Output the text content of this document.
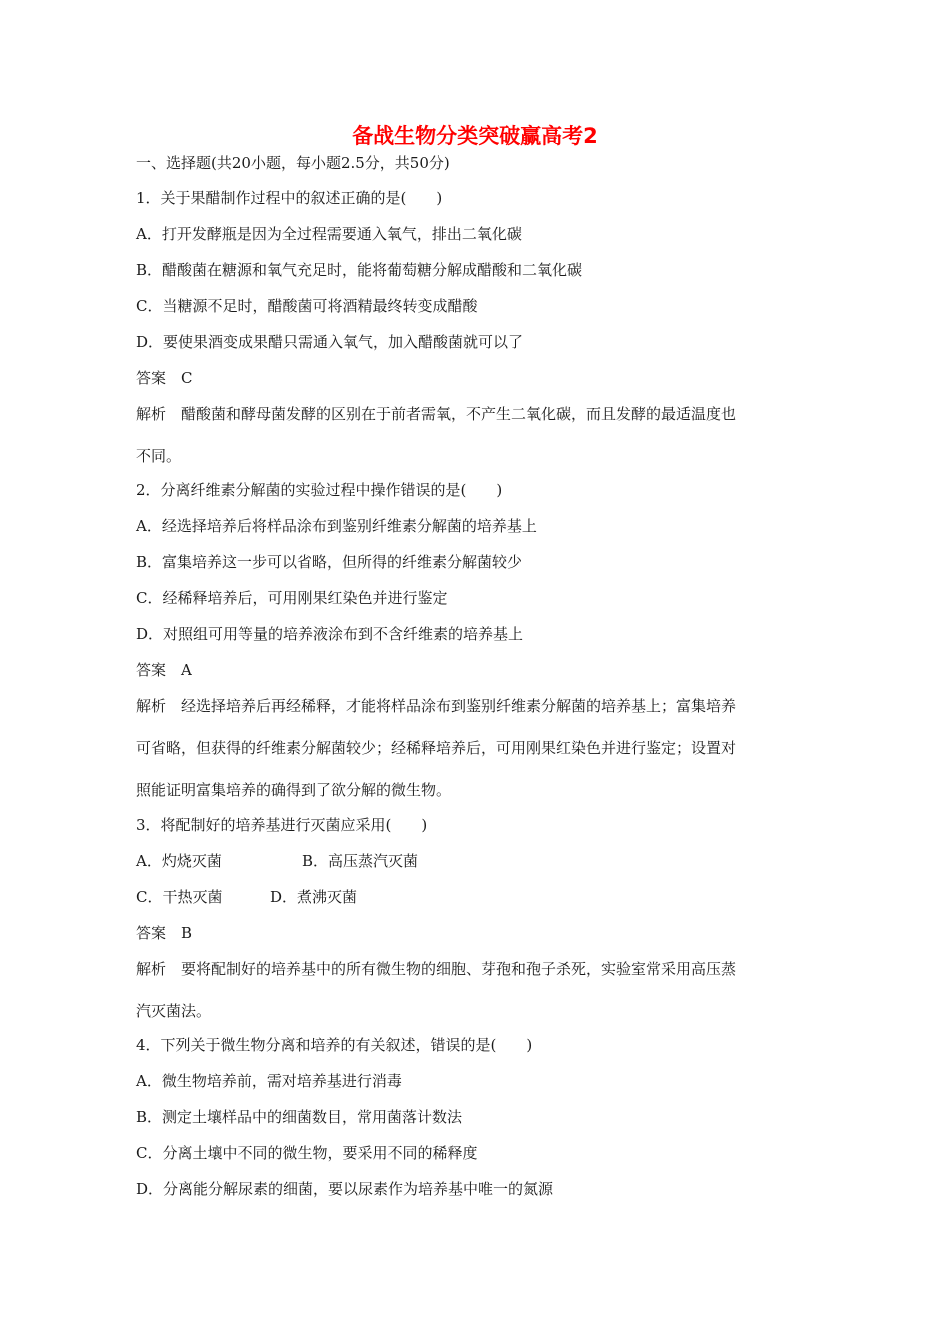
备战生物分类突破赢高考2
一、选择题(共20小题，每小题2.5分，共50分)
1．关于果醋制作过程中的叙述正确的是(　　)
A．打开发酵瓶是因为全过程需要通入氧气，排出二氧化碳
B．醋酸菌在糖源和氧气充足时，能将葡萄糖分解成醋酸和二氧化碳
C．当糖源不足时，醋酸菌可将酒精最终转变成醋酸
D．要使果酒变成果醋只需通入氧气，加入醋酸菌就可以了
答案　C
解析　醋酸菌和酵母菌发酵的区别在于前者需氧，不产生二氧化碳，而且发酵的最适温度也
不同。
2．分离纤维素分解菌的实验过程中操作错误的是(　　)
A．经选择培养后将样品涂布到鉴别纤维素分解菌的培养基上
B．富集培养这一步可以省略，但所得的纤维素分解菌较少
C．经稀释培养后，可用刚果红染色并进行鉴定
D．对照组可用等量的培养液涂布到不含纤维素的培养基上
答案　A
解析　经选择培养后再经稀释，才能将样品涂布到鉴别纤维素分解菌的培养基上；富集培养
可省略，但获得的纤维素分解菌较少；经稀释培养后，可用刚果红染色并进行鉴定；设置对
照能证明富集培养的确得到了欲分解的微生物。
3．将配制好的培养基进行灭菌应采用(　　)
A．灼烧灭菌	B．高压蒸汽灭菌
C．干热灭菌	D．煮沸灭菌
答案　B
解析　要将配制好的培养基中的所有微生物的细胞、芽孢和孢子杀死，实验室常采用高压蒸
汽灭菌法。
4．下列关于微生物分离和培养的有关叙述，错误的是(　　)
A．微生物培养前，需对培养基进行消毒
B．测定土壤样品中的细菌数目，常用菌落计数法
C．分离土壤中不同的微生物，要采用不同的稀释度
D．分离能分解尿素的细菌，要以尿素作为培养基中唯一的氮源
